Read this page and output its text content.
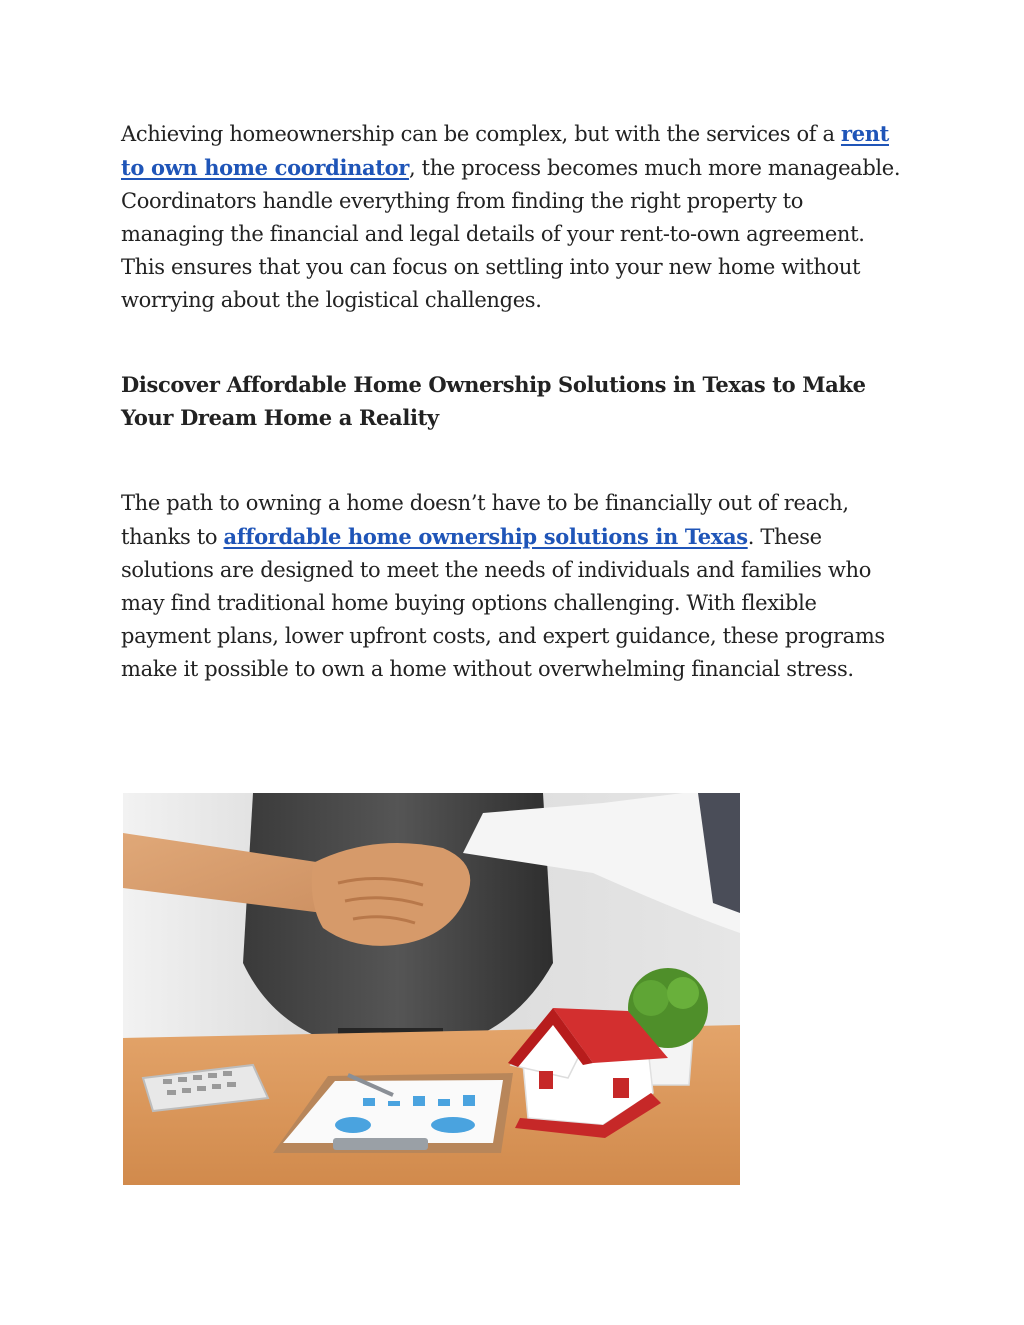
Achieving homeownership can be complex, but with the services of a rent to own home coordinator, the process becomes much more manageable. Coordinators handle everything from finding the right property to managing the financial and legal details of your rent-to-own agreement. This ensures that you can focus on settling into your new home without worrying about the logistical challenges.

Discover Affordable Home Ownership Solutions in Texas to Make Your Dream Home a Reality

The path to owning a home doesn’t have to be financially out of reach, thanks to affordable home ownership solutions in Texas. These solutions are designed to meet the needs of individuals and families who may find traditional home buying options challenging. With flexible payment plans, lower upfront costs, and expert guidance, these programs make it possible to own a home without overwhelming financial stress.
